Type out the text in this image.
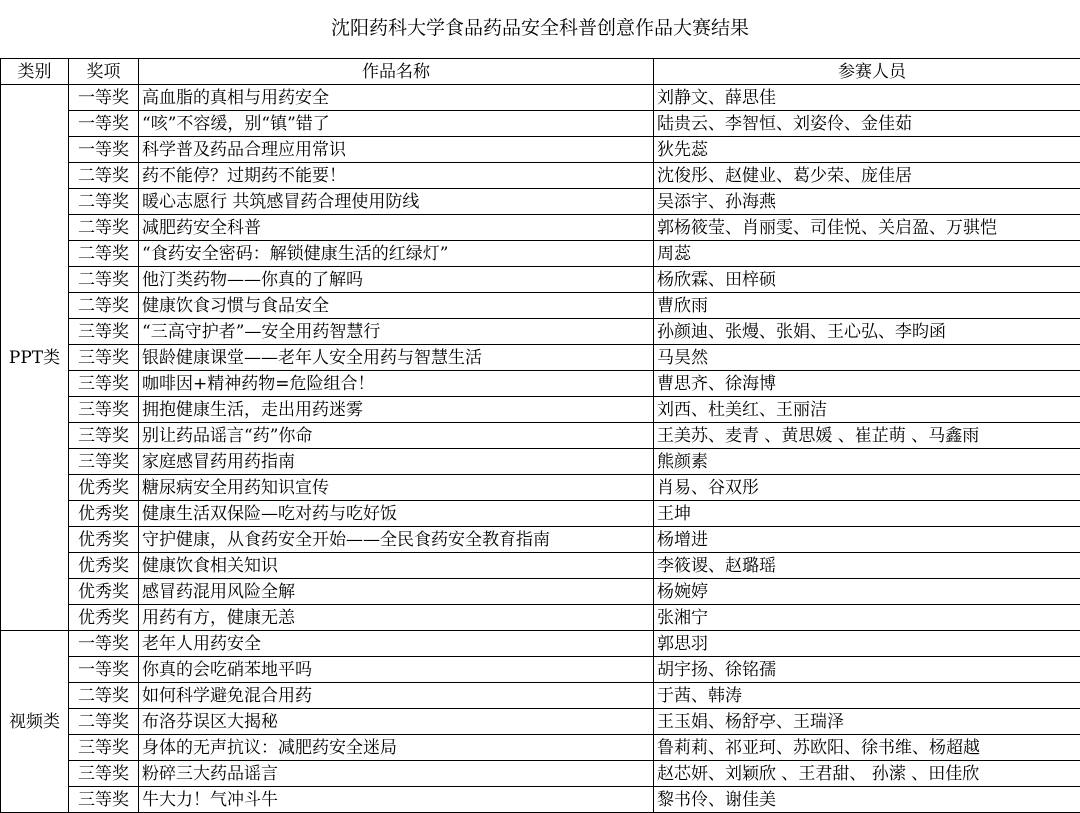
沈阳药科大学食品药品安全科普创意作品大赛结果
类别	奖项	作品名称	参赛人员
PPT类	一等奖	高血脂的真相与用药安全	刘静文、薛思佳
	一等奖	“咳”不容缓，别“镇”错了	陆贵云、李智恒、刘姿伶、金佳茹
	一等奖	科学普及药品合理应用常识	狄先蕊
	二等奖	药不能停？过期药不能要！	沈俊彤、赵健业、葛少荣、庞佳居
	二等奖	暖心志愿行 共筑感冒药合理使用防线	吴添宇、孙海燕
	二等奖	减肥药安全科普	郭杨筱莹、肖丽雯、司佳悦、关启盈、万骐恺
	二等奖	“食药安全密码：解锁健康生活的红绿灯”	周蕊
	二等奖	他汀类药物——你真的了解吗	杨欣霖、田梓硕
	二等奖	健康饮食习惯与食品安全	曹欣雨
	三等奖	“三高守护者”—安全用药智慧行	孙颜迪、张熳、张娟、王心弘、李昀函
	三等奖	银龄健康课堂——老年人安全用药与智慧生活	马昊然
	三等奖	咖啡因+精神药物=危险组合！	曹思齐、徐海博
	三等奖	拥抱健康生活，走出用药迷雾	刘西、杜美红、王丽洁
	三等奖	别让药品谣言“药”你命	王美苏、麦青 、黄思媛 、崔芷萌 、马鑫雨
	三等奖	家庭感冒药用药指南	熊颜素
	优秀奖	糖尿病安全用药知识宣传	肖易、谷双彤
	优秀奖	健康生活双保险—吃对药与吃好饭	王坤
	优秀奖	守护健康，从食药安全开始——全民食药安全教育指南	杨增进
	优秀奖	健康饮食相关知识	李筱谡、赵璐瑶
	优秀奖	感冒药混用风险全解	杨婉婷
	优秀奖	用药有方，健康无恙	张湘宁
视频类	一等奖	老年人用药安全	郭思羽
	一等奖	你真的会吃硝苯地平吗	胡宇扬、徐铭孺
	二等奖	如何科学避免混合用药	于茜、韩涛
	二等奖	布洛芬误区大揭秘	王玉娟、杨舒亭、王瑞泽
	三等奖	身体的无声抗议：减肥药安全迷局	鲁莉莉、祁亚珂、苏欧阳、徐书维、杨超越
	三等奖	粉碎三大药品谣言	赵芯妍、刘颖欣 、王君甜、 孙潆 、田佳欣
	三等奖	牛大力！气冲斗牛	黎书伶、谢佳美
